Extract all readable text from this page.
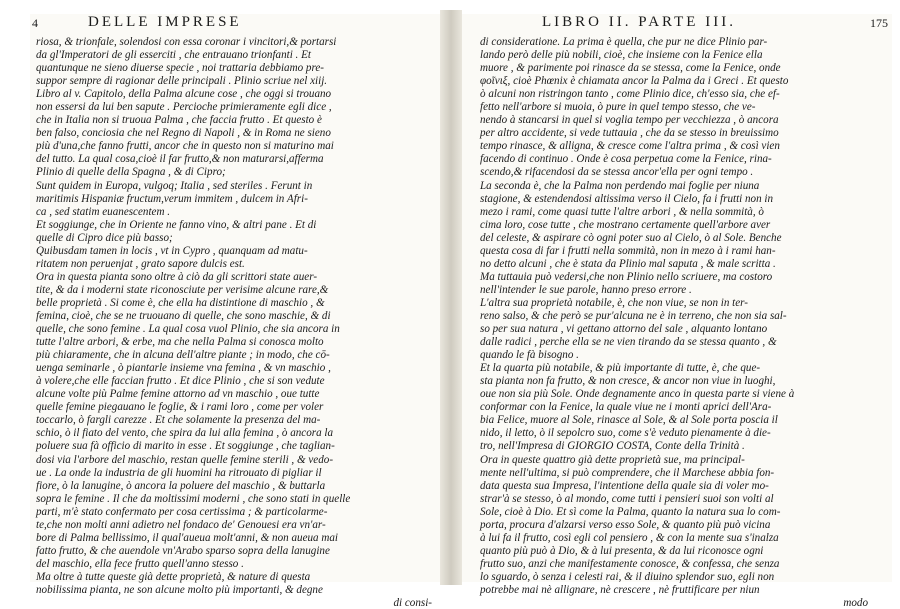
4	DELLE IMPRESE
riosa, & trionfale, solendosi con essa coronar i vincitori,& portarsi
da gl'Imperatori de gli esserciti , che entrauano trionfanti . Et
quantunque ne sieno diuerse specie , noi trattaria debbiamo pre-
suppor sempre di ragionar delle principali . Plinio scriue nel xiij.
Libro al v. Capitolo, della Palma alcune cose , che oggi si trouano
non essersi da lui ben sapute . Percioche primieramente egli dice ,
che in Italia non si truoua Palma , che faccia frutto . Et questo è
ben falso, conciosia che nel Regno di Napoli , & in Roma ne sieno
più d'una,che fanno frutti, ancor che in questo non si maturino mai
del tutto. La qual cosa,cioè il far frutto,& non maturarsi,afferma
Plinio di quelle della Spagna , & di Cipro;
Sunt quidem in Europa, vulgoq; Italia , sed steriles . Ferunt in
maritimis Hispaniæ fructum,verum immitem , dulcem in Afri-
ca , sed statim euanescentem .
Et soggiunge, che in Oriente ne fanno vino, & altri pane . Et di
quelle di Cipro dice più basso;
Quibusdam tamen in locis , vt in Cypro , quanquam ad matu-
ritatem non peruenjat , grato sapore dulcis est.
Ora in questa pianta sono oltre à ciò da gli scrittori state auer-
tite, & da i moderni state riconosciute per verisime alcune rare,&
belle proprietà . Si come è, che ella ha distintione di maschio , &
femina, cioè, che se ne truouano di quelle, che sono maschie, & di
quelle, che sono femine . La qual cosa vuol Plinio, che sia ancora in
tutte l'altre arbori, & erbe, ma che nella Palma si conosca molto
più chiaramente, che in alcuna dell'altre piante ; in modo, che cō-
uenga seminarle , ò piantarle insieme vna femina , & vn maschio ,
à volere,che elle faccian frutto . Et dice Plinio , che si son vedute
alcune volte più Palme femine attorno ad vn maschio , oue tutte
quelle femine piegauano le foglie, & i rami loro , come per voler
toccarlo, ò fargli carezze . Et che solamente la presenza del ma-
schio, ò il fiato del vento, che spira da lui alla femina , ò ancora la
poluere sua fà officio di marito in esse . Et soggiunge , che taglian-
dosi via l'arbore del maschio, restan quelle femine sterili , & vedo-
ue . La onde la industria de gli huomini ha ritrouato di pigliar il
fiore, ò la lanugine, ò ancora la poluere del maschio , & buttarla
sopra le femine . Il che da moltissimi moderni , che sono stati in quelle
parti, m'è stato confermato per cosa certissima ; & particolarme-
te,che non molti anni adietro nel fondaco de' Genouesi era vn'ar-
bore di Palma bellissimo, il qual'aueua molt'anni, & non aueua mai
fatto frutto, & che auendole vn'Arabo sparso sopra della lanugine
del maschio, ella fece frutto quell'anno stesso .
Ma oltre à tutte queste già dette proprietà, & nature di questa
nobilissima pianta, ne son alcune molto più importanti, & degne
di consi-
LIBRO II. PARTE III.	175
di consideratione. La prima è quella, che pur ne dice Plinio par-
lando però delle più nobili, cioè, che insieme con la Fenice ella
muore , & parimente poi rinasce da se stessa, come la Fenice, onde
φοῖνιξ, cioè Phœnix è chiamata ancor la Palma da i Greci . Et questo
ò alcuni non ristringon tanto , come Plinio dice, ch'esso sia, che ef-
fetto nell'arbore si muoia, ò pure in quel tempo stesso, che ve-
nendo à stancarsi in quel si voglia tempo per vecchiezza , ò ancora
per altro accidente, si vede tuttauia , che da se stesso in breuissimo
tempo rinasce, & alligna, & cresce come l'altra prima , & così vien
facendo di continuo . Onde è cosa perpetua come la Fenice, rina-
scendo,& rifacendosi da se stessa ancor'ella per ogni tempo .
La seconda è, che la Palma non perdendo mai foglie per niuna
stagione, & estendendosi altissima verso il Cielo, fa i frutti non in
mezo i rami, come quasi tutte l'altre arbori , & nella sommità, ò
cima loro, cose tutte , che mostrano certamente quell'arbore aver
del celeste, & aspirare cò ogni poter suo al Cielo, ò al Sole. Benche
questa cosa di far i frutti nella sommità, non in mezo à i rami han-
no detto alcuni , che è stata da Plinio mal saputa , & male scritta .
Ma tuttauia può vedersi,che non Plinio nello scriuere, ma costoro
nell'intender le sue parole, hanno preso errore .
L'altra sua proprietà notabile, è, che non viue, se non in ter-
reno salso, & che però se pur'alcuna ne è in terreno, che non sia sal-
so per sua natura , vi gettano attorno del sale , alquanto lontano
dalle radici , perche ella se ne vien tirando da se stessa quanto , &
quando le fà bisogno .
Et la quarta più notabile, & più importante di tutte, è, che que-
sta pianta non fa frutto, & non cresce, & ancor non viue in luoghi,
oue non sia più Sole. Onde degnamente anco in questa parte si viene à
conformar con la Fenice, la quale viue ne i monti aprici dell'Ara-
bia Felice, muore al Sole, rinasce al Sole, & al Sole porta poscia il
nido, il letto, ò il sepolcro suo, come s'è veduto pienamente à die-
tro, nell'Impresa di GIORGIO COSTA, Conte della Trinità .
Ora in queste quattro già dette proprietà sue, ma principal-
mente nell'ultima, si può comprendere, che il Marchese abbia fon-
data questa sua Impresa, l'intentione della quale sia di voler mo-
strar'à se stesso, ò al mondo, come tutti i pensieri suoi son volti al
Sole, cioè à Dio. Et sì come la Palma, quanto la natura sua lo com-
porta, procura d'alzarsi verso esso Sole, & quanto più può vicina
à lui fa il frutto, così egli col pensiero , & con la mente sua s'inalza
quanto più può à Dio, & à lui presenta, & da lui riconosce ogni
frutto suo, anzi che manifestamente conosce, & confessa, che senza
lo sguardo, ò senza i celesti rai, & il diuino splendor suo, egli non
potrebbe mai nè allignare, nè crescere , nè fruttificare per niun
modo
